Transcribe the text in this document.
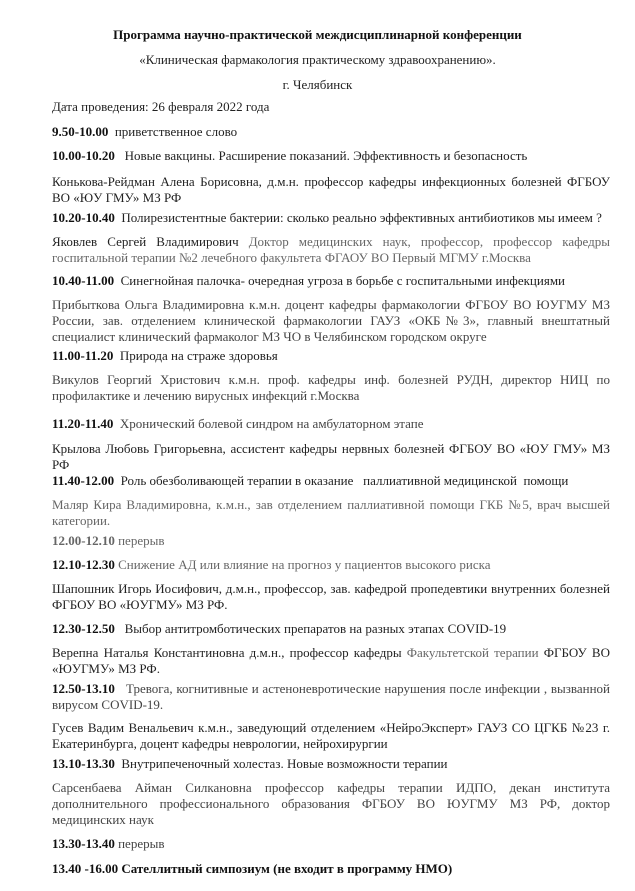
Программа научно-практической междисциплинарной конференции
«Клиническая фармакология практическому здравоохранению».
г. Челябинск
Дата проведения: 26 февраля 2022 года
9.50-10.00 приветственное слово
10.00-10.20 Новые вакцины. Расширение показаний. Эффективность и безопасность
Конькова-Рейдман Алена Борисовна, д.м.н. профессор кафедры инфекционных болезней ФГБОУ ВО «ЮУ ГМУ» МЗ РФ
10.20-10.40 Полирезистентные бактерии: сколько реально эффективных антибиотиков мы имеем ?
Яковлев Сергей Владимирович Доктор медицинских наук, профессор, профессор кафедры госпитальной терапии №2 лечебного факультета ФГАОУ ВО Первый МГМУ г.Москва
10.40-11.00 Синегнойная палочка- очередная угроза в борьбе с госпитальными инфекциями
Прибыткова Ольга Владимировна к.м.н. доцент кафедры фармакологии ФГБОУ ВО ЮУГМУ МЗ России, зав. отделением клинической фармакологии ГАУЗ «ОКБ№3», главный внештатный специалист клинический фармаколог МЗ ЧО в Челябинском городском округе
11.00-11.20 Природа на страже здоровья
Викулов Георгий Христович к.м.н. проф. кафедры инф. болезней РУДН, директор НИЦ по профилактике и лечению вирусных инфекций г.Москва
11.20-11.40 Хронический болевой синдром на амбулаторном этапе
Крылова Любовь Григорьевна, ассистент кафедры нервных болезней ФГБОУ ВО «ЮУ ГМУ» МЗ РФ
11.40-12.00 Роль обезболивающей терапии в оказание   паллиативной медицинской  помощи
Маляр Кира Владимировна, к.м.н., зав отделением паллиативной помощи ГКБ №5, врач высшей категории.
12.00-12.10 перерыв
12.10-12.30 Снижение АД или влияние на прогноз у пациентов высокого риска
Шапошник Игорь Иосифович, д.м.н., профессор, зав. кафедрой пропедевтики внутренних болезней ФГБОУ ВО «ЮУГМУ» МЗ РФ.
12.30-12.50 Выбор антитромботических препаратов на разных этапах COVID-19
Верепна Наталья Константиновна д.м.н., профессор кафедры Факультетской терапии ФГБОУ ВО «ЮУГМУ» МЗ РФ.
12.50-13.10 Тревога, когнитивные и астеноневротические нарушения после инфекции , вызванной вирусом COVID-19.
Гусев Вадим Венальевич к.м.н., заведующий отделением «НейроЭксперт» ГАУЗ СО ЦГКБ №23 г. Екатеринбурга, доцент кафедры неврологии, нейрохирургии
13.10-13.30 Внутрипеченочный холестаз. Новые возможности терапии
Сарсенбаева Айман Силкановна профессор кафедры терапии ИДПО, декан института дополнительного профессионального образования ФГБОУ ВО ЮУГМУ МЗ РФ, доктор медицинских наук
13.30-13.40 перерыв
13.40 -16.00 Сателлитный симпозиум (не входит в программу НМО)
